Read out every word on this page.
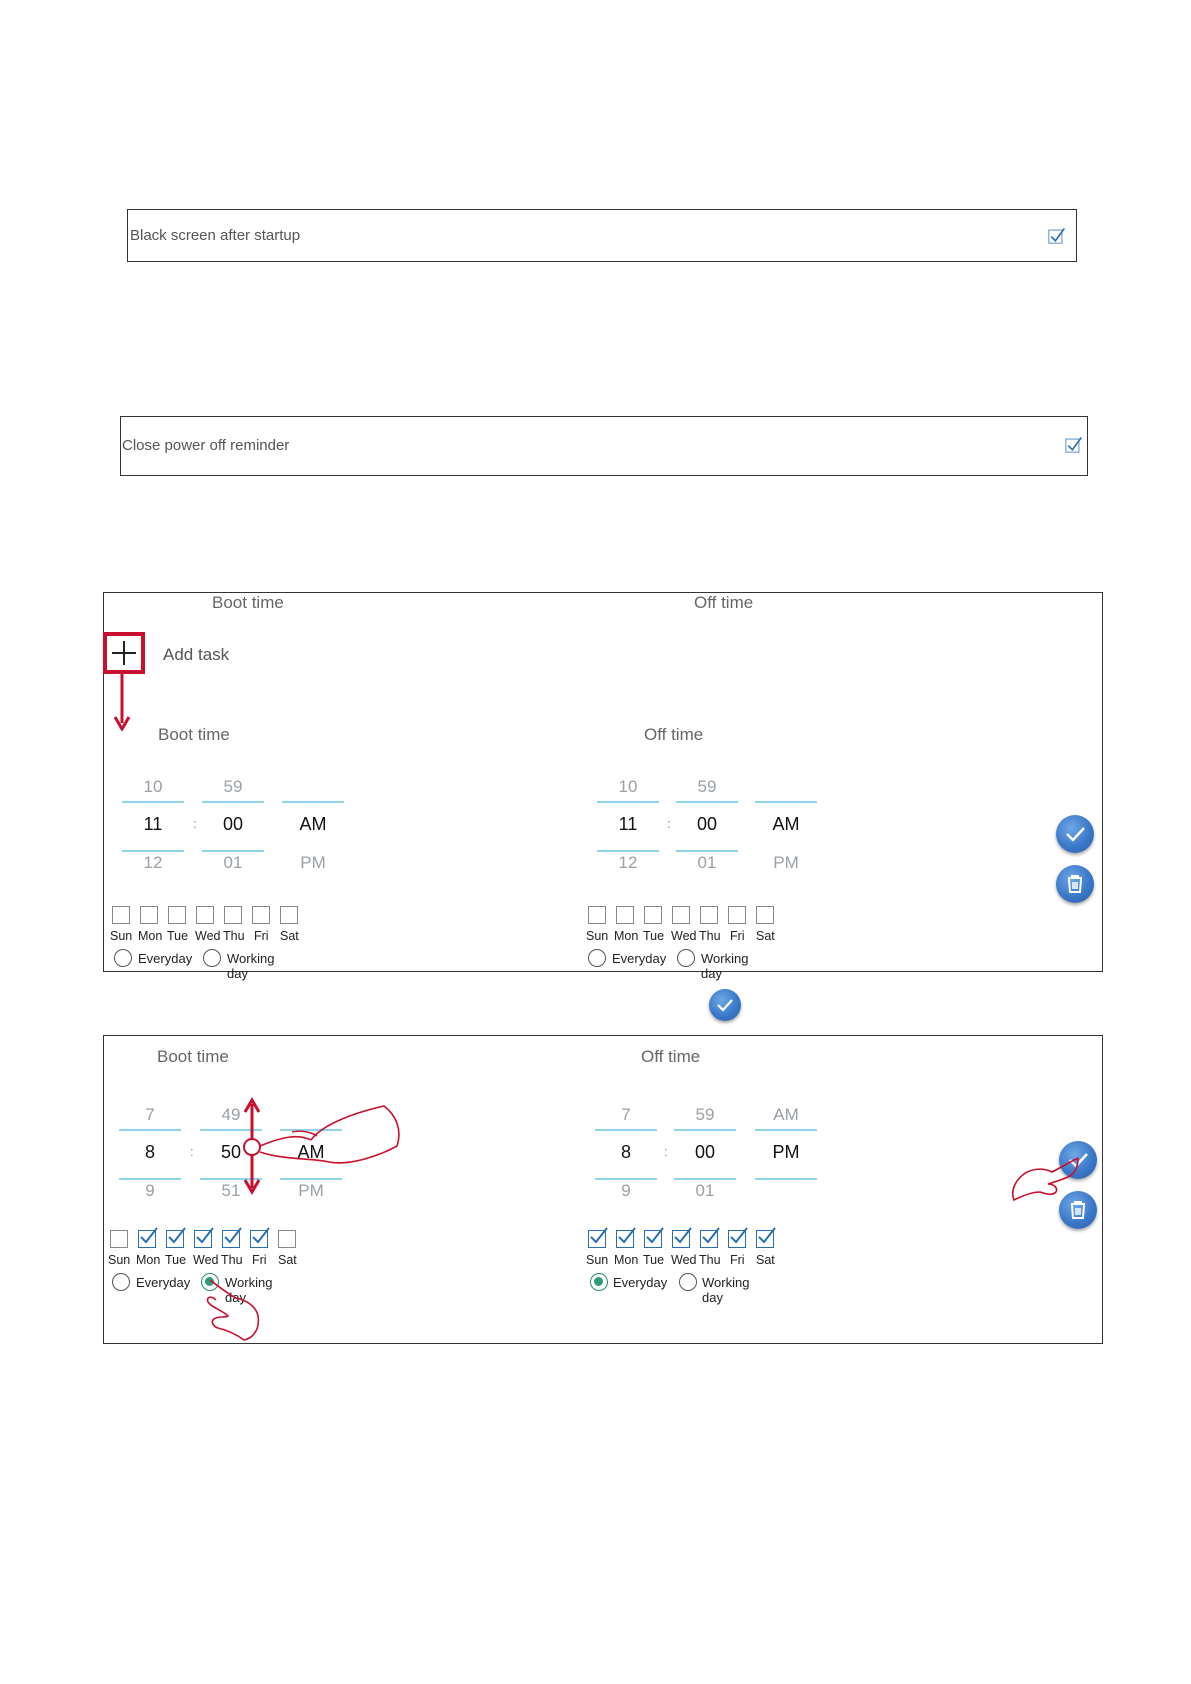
Black screen after startup
Close power off reminder
Boot time	Off time
Add task
Boot time	Off time
10
11
12
:
59
00
01
AM
PM
10
11
12
:
59
00
01
AM
PM
Sun Mon Tue Wed Thu Fri Sat
Everyday	Working day
Sun Mon Tue Wed Thu Fri Sat
Everyday	Working day
Boot time	Off time
7
8
9
:
49
50
51
AM
PM
7
8
9
:
59
00
01
AM
PM
Sun Mon Tue Wed Thu Fri Sat
Everyday	Working day
Sun Mon Tue Wed Thu Fri Sat
Everyday	Working day
